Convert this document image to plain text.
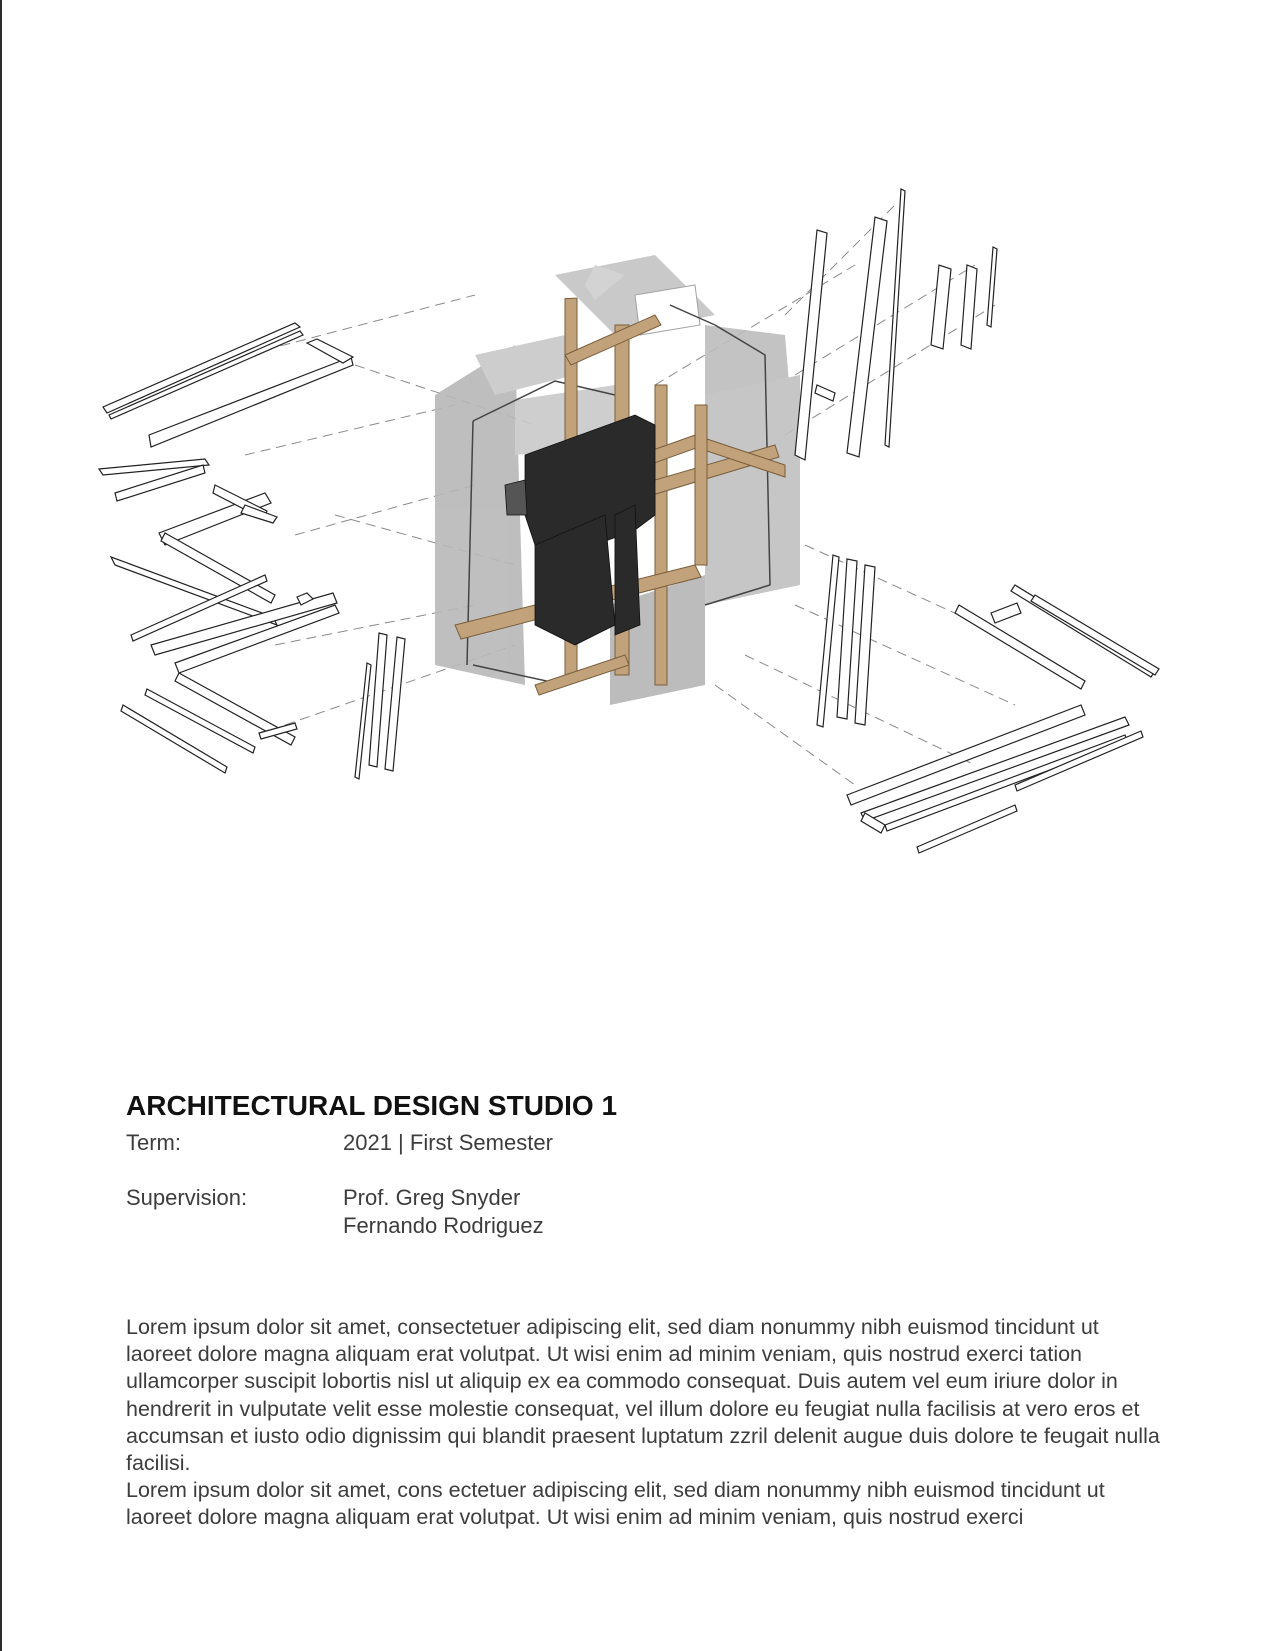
ARCHITECTURAL DESIGN STUDIO 1
Term:	2021 | First Semester
Supervision:	Prof. Greg Snyder
Fernando Rodriguez

Lorem ipsum dolor sit amet, consectetuer adipiscing elit, sed diam nonummy nibh euismod tincidunt ut laoreet dolore magna aliquam erat volutpat. Ut wisi enim ad minim veniam, quis nostrud exerci tation ullamcorper suscipit lobortis nisl ut aliquip ex ea commodo consequat. Duis autem vel eum iriure dolor in hendrerit in vulputate velit esse molestie consequat, vel illum dolore eu feugiat nulla facilisis at vero eros et accumsan et iusto odio dignissim qui blandit praesent luptatum zzril delenit augue duis dolore te feugait nulla facilisi.

Lorem ipsum dolor sit amet, cons ectetuer adipiscing elit, sed diam nonummy nibh euismod tincidunt ut laoreet dolore magna aliquam erat volutpat. Ut wisi enim ad minim veniam, quis nostrud exerci
